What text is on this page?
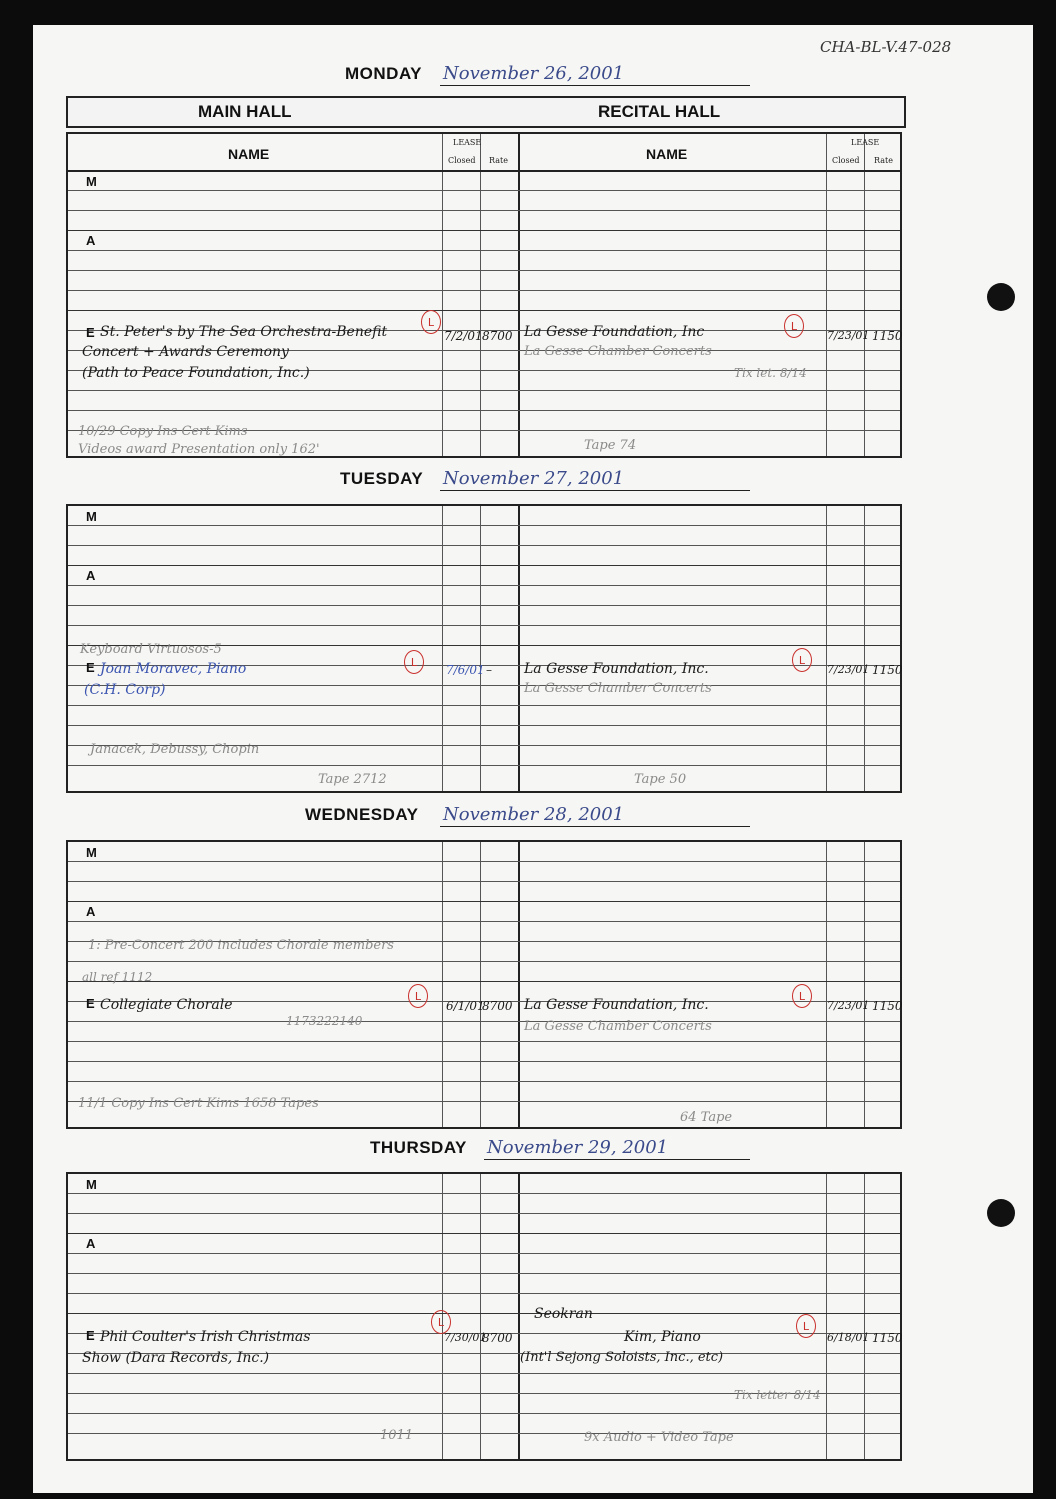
CHA-BL-V.47-028
MONDAY November 26, 2001
MAIN HALL	RECITAL HALL
NAME
LEASE
Closed Rate	NAME
LEASE
Closed Rate
M
A
E St. Peter's by The Sea Orchestra-Benefit
Concert + Awards Ceremony
(Path to Peace Foundation, Inc.)
L
7/2/01 8700
10/29 Copy Ins Cert Kims
Videos award Presentation only 162'
La Gesse Foundation, Inc
La Gesse Chamber Concerts
Tix let. 8/14
L
7/23/01 1150
Tape 74
TUESDAY November 27, 2001
M
A
E
Keyboard Virtuosos-5
Joan Moravec, Piano
(C.H. Corp)
L
7/6/01 –
Janacek, Debussy, Chopin
Tape 2712
La Gesse Foundation, Inc.
La Gesse Chamber Concerts
L
7/23/01 1150
Tape 50
WEDNESDAY November 28, 2001
M
A
E
1: Pre-Concert 200 includes Chorale members
all ref 1112
Collegiate Chorale
1173222140
L
6/1/01
8700
11/1 Copy Ins Cert Kims 1658 Tapes
La Gesse Foundation, Inc.
La Gesse Chamber Concerts
L
7/23/01 1150
64 Tape
THURSDAY November 29, 2001
M
A
E Phil Coulter's Irish Christmas
Show (Dara Records, Inc.)
L
7/30/01
8700
1011
Seokran
Kim, Piano
(Int'l Sejong Soloists, Inc., etc)
Tix letter 8/14
L
6/18/01 1150
9x Audio + Video Tape
